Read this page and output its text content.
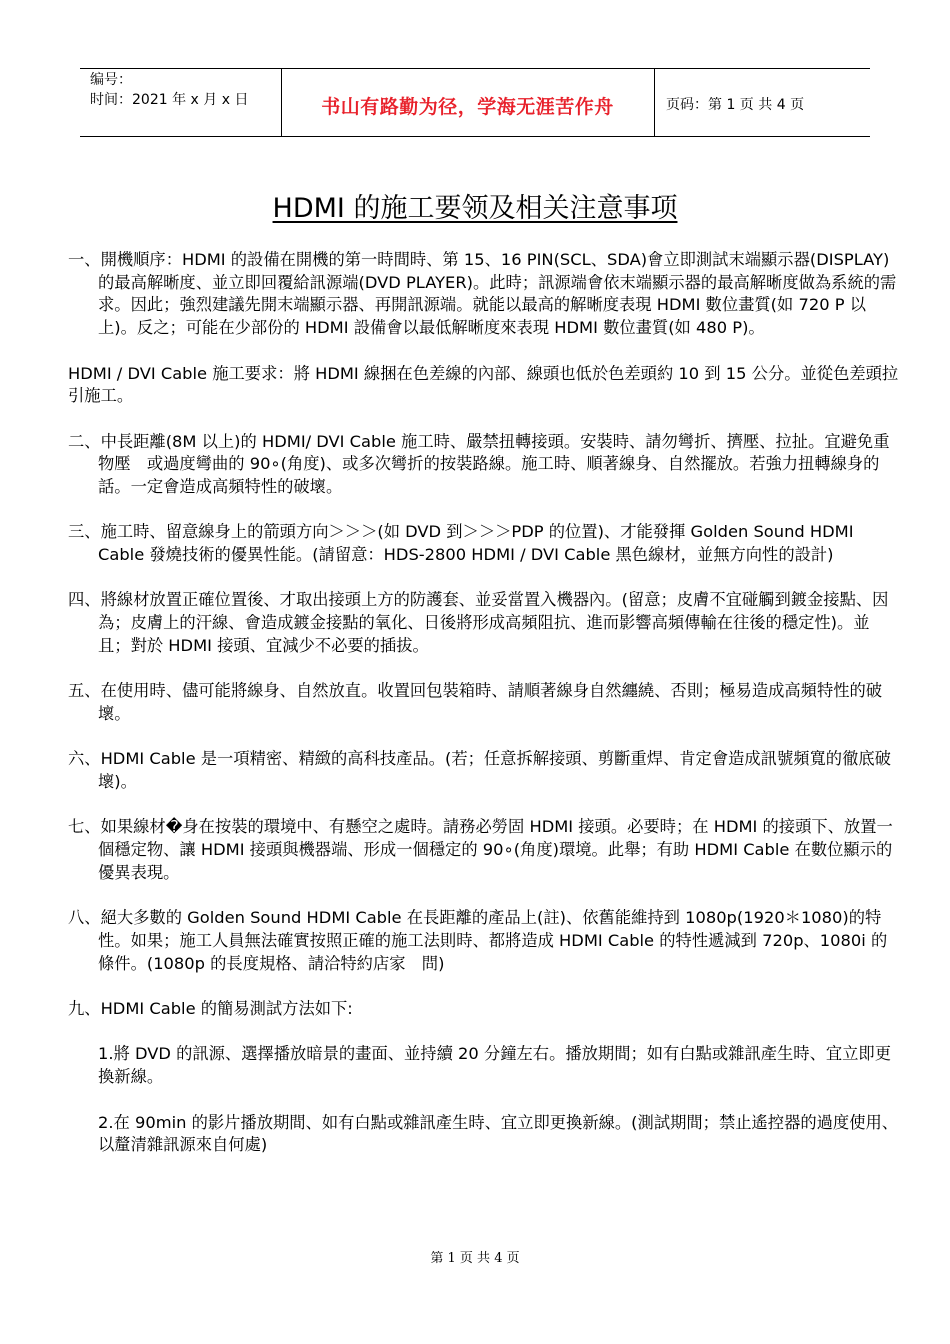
编号：
时间：2021 年 x 月 x 日	书山有路勤为径，学海无涯苦作舟	页码：第 1 页 共 4 页
HDMI 的施工要领及相关注意事项

一、開機順序：HDMI 的設備在開機的第一時間時、第 15、16 PIN(SCL、SDA)會立即測試末端顯示器(DISPLAY)的最高解晰度、並立即回覆給訊源端(DVD PLAYER)。此時；訊源端會依末端顯示器的最高解晰度做為系統的需求。因此；強烈建議先開末端顯示器、再開訊源端。就能以最高的解晰度表現 HDMI 數位畫質(如 720 P 以上)。反之；可能在少部份的 HDMI 設備會以最低解晰度來表現 HDMI 數位畫質(如 480 P)。

HDMI / DVI Cable 施工要求：將 HDMI 線捆在色差線的內部、線頭也低於色差頭約 10 到 15 公分。並從色差頭拉引施工。

二、中長距離(8M 以上)的 HDMI/ DVI Cable 施工時、嚴禁扭轉接頭。安裝時、請勿彎折、擠壓、拉扯。宜避免重物壓　或過度彎曲的 90∘(角度)、或多次彎折的按裝路線。施工時、順著線身、自然擺放。若強力扭轉線身的話。一定會造成高頻特性的破壞。

三、施工時、留意線身上的箭頭方向＞＞＞(如 DVD 到＞＞＞PDP 的位置)、才能發揮 Golden Sound HDMI Cable 發燒技術的優異性能。(請留意：HDS-2800 HDMI / DVI Cable 黑色線材，並無方向性的設計)

四、將線材放置正確位置後、才取出接頭上方的防護套、並妥當置入機器內。(留意；皮膚不宜碰觸到鍍金接點、因為；皮膚上的汗線、會造成鍍金接點的氧化、日後將形成高頻阻抗、進而影響高頻傳輸在往後的穩定性)。並且；對於 HDMI 接頭、宜減少不必要的插拔。

五、在使用時、儘可能將線身、自然放直。收置回包裝箱時、請順著線身自然纏繞、否則；極易造成高頻特性的破壞。

六、HDMI Cable 是一項精密、精緻的高科技產品。(若；任意拆解接頭、剪斷重焊、肯定會造成訊號頻寬的徹底破壞)。

七、如果線材�身在按裝的環境中、有懸空之處時。請務必勞固 HDMI 接頭。必要時；在 HDMI 的接頭下、放置一個穩定物、讓 HDMI 接頭與機器端、形成一個穩定的 90∘(角度)環境。此舉；有助 HDMI Cable 在數位顯示的優異表現。

八、絕大多數的 Golden Sound HDMI Cable 在長距離的產品上(註)、依舊能維持到 1080p(1920＊1080)的特性。如果；施工人員無法確實按照正確的施工法則時、都將造成 HDMI Cable 的特性遞減到 720p、1080i 的條件。(1080p 的長度規格、請洽特約店家　問)

九、HDMI Cable 的簡易測試方法如下:

1.將 DVD 的訊源、選擇播放暗景的畫面、並持續 20 分鐘左右。播放期間；如有白點或雜訊產生時、宜立即更換新線。

2.在 90min 的影片播放期間、如有白點或雜訊產生時、宜立即更換新線。(測試期間；禁止遙控器的過度使用、以釐清雜訊源來自何處)

第 1 页 共 4 页
